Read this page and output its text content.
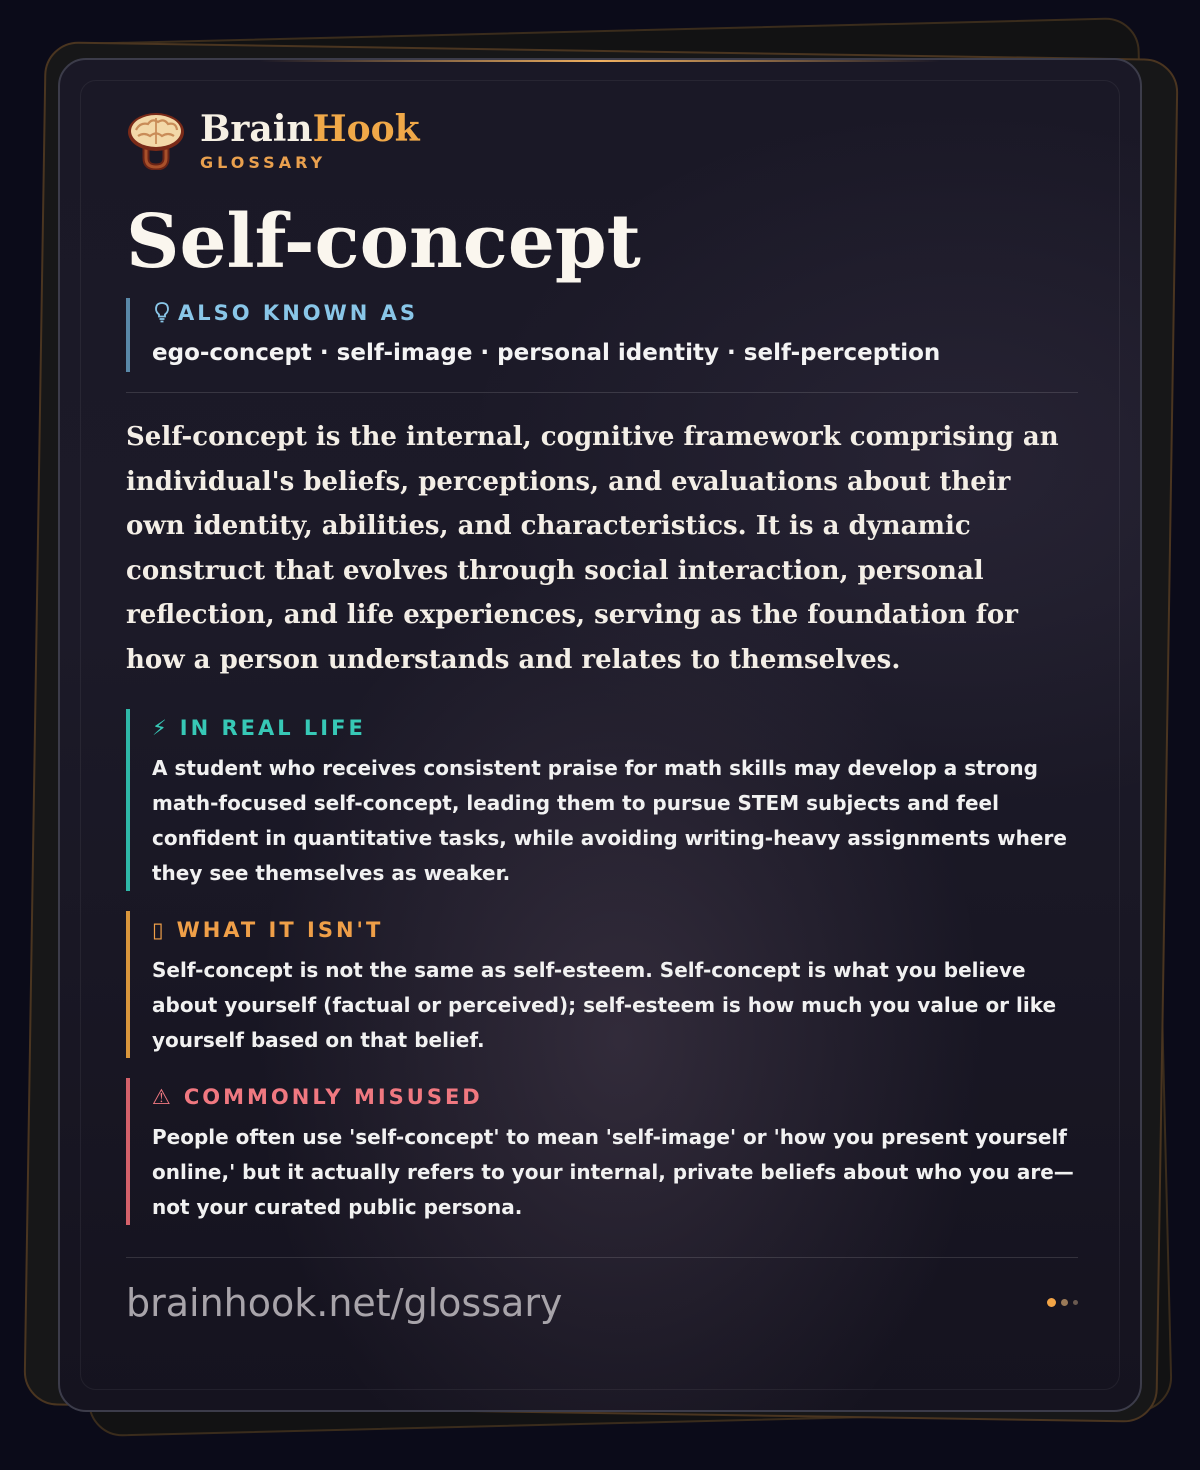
BrainHook
GLOSSARY
Self-concept
ALSO KNOWN AS
ego-concept · self-image · personal identity · self-perception
Self-concept is the internal, cognitive framework comprising an individual's beliefs, perceptions, and evaluations about their own identity, abilities, and characteristics. It is a dynamic construct that evolves through social interaction, personal reflection, and life experiences, serving as the foundation for how a person understands and relates to themselves.
⚡ IN REAL LIFE
A student who receives consistent praise for math skills may develop a strong math-focused self-concept, leading them to pursue STEM subjects and feel confident in quantitative tasks, while avoiding writing-heavy assignments where they see themselves as weaker.
▯ WHAT IT ISN'T
Self-concept is not the same as self-esteem. Self-concept is what you believe about yourself (factual or perceived); self-esteem is how much you value or like yourself based on that belief.
⚠ COMMONLY MISUSED
People often use 'self-concept' to mean 'self-image' or 'how you present yourself online,' but it actually refers to your internal, private beliefs about who you are—not your curated public persona.
brainhook.net/glossary
